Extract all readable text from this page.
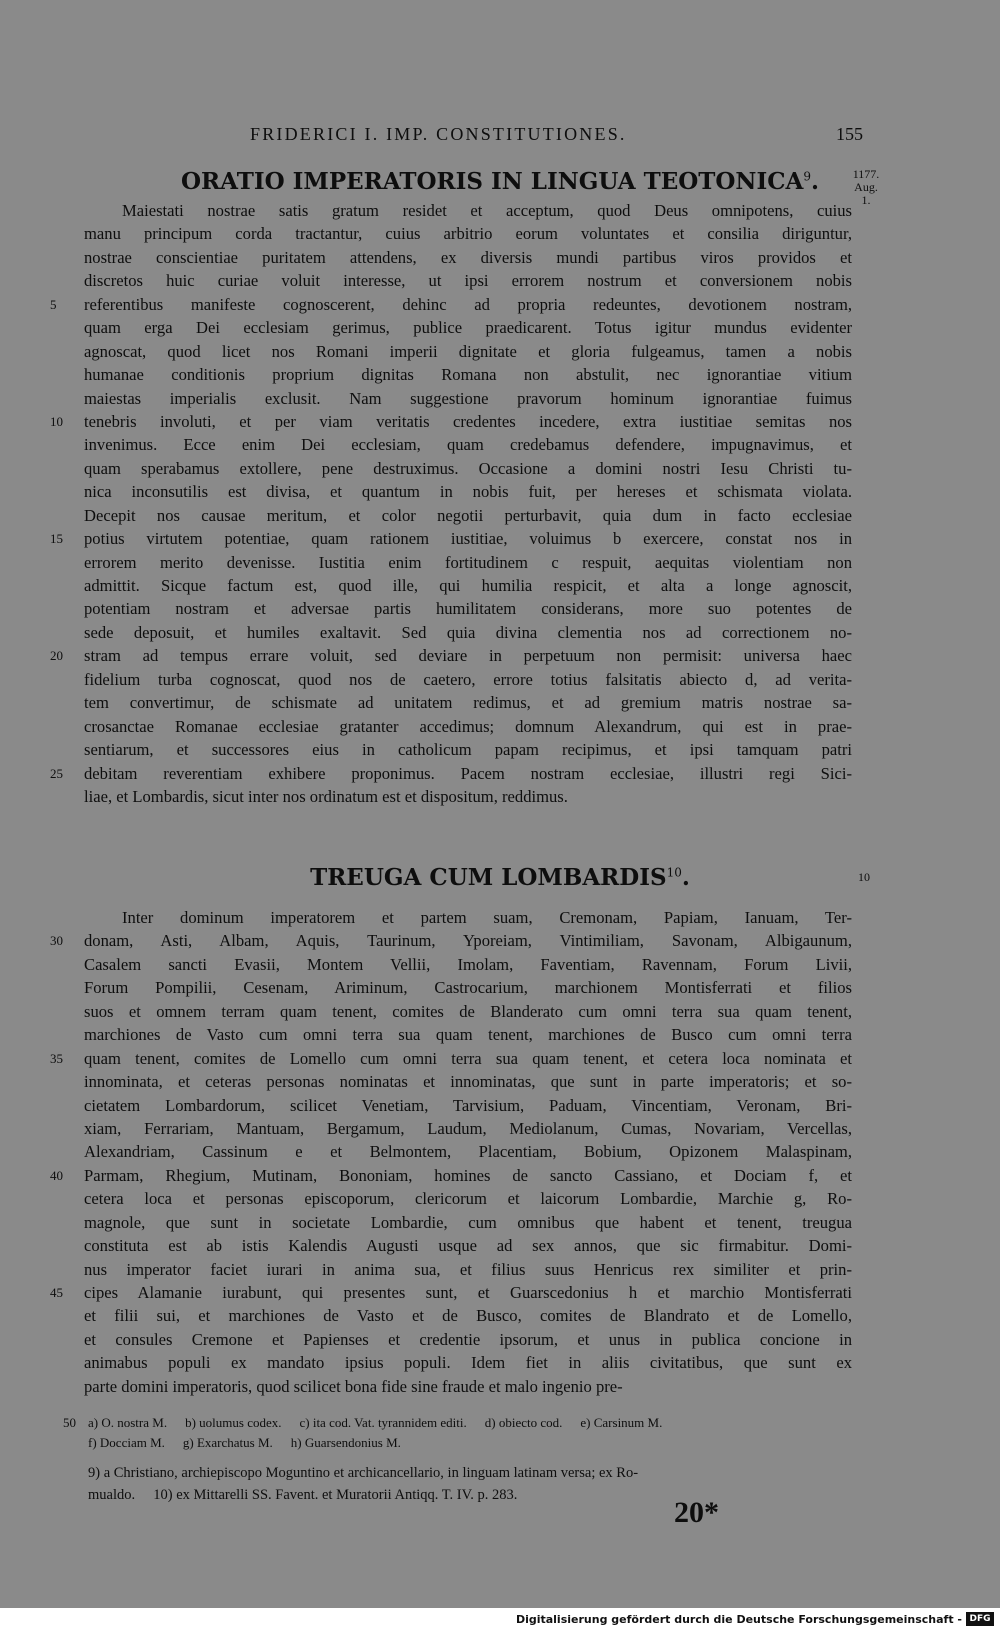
FRIDERICI I. IMP. CONSTITUTIONES.	155
ORATIO IMPERATORIS IN LINGUA TEOTONICA$^9$.	1177.
Aug.
1.
Maiestati nostrae satis gratum residet et acceptum, quod Deus omnipotens, cuius
manu principum corda tractantur, cuius arbitrio eorum voluntates et consilia diriguntur,
nostrae conscientiae puritatem attendens, ex diversis mundi partibus viros providos et
discretos huic curiae voluit interesse, ut ipsi errorem nostrum et conversionem nobis
5	referentibus manifeste cognoscerent, dehinc ad propria redeuntes, devotionem nostram,
quam erga Dei ecclesiam gerimus, publice praedicarent. Totus igitur mundus evidenter
agnoscat, quod licet nos Romani imperii dignitate et gloria fulgeamus, tamen a nobis
humanae conditionis proprium dignitas Romana non abstulit, nec ignorantiae vitium
maiestas imperialis exclusit. Nam suggestione pravorum hominum ignorantiae fuimus
10	tenebris involuti, et per viam veritatis credentes incedere, extra iustitiae semitas nos
invenimus. Ecce enim Dei ecclesiam, quam credebamus defendere, impugnavimus, et
quam sperabamus extollere, pene destruximus. Occasione a domini nostri Iesu Christi tu-
nica inconsutilis est divisa, et quantum in nobis fuit, per hereses et schismata violata.
Decepit nos causae meritum, et color negotii perturbavit, quia dum in facto ecclesiae
15	potius virtutem potentiae, quam rationem iustitiae, voluimus b exercere, constat nos in
errorem merito devenisse. Iustitia enim fortitudinem c respuit, aequitas violentiam non
admittit. Sicque factum est, quod ille, qui humilia respicit, et alta a longe agnoscit,
potentiam nostram et adversae partis humilitatem considerans, more suo potentes de
sede deposuit, et humiles exaltavit. Sed quia divina clementia nos ad correctionem no-
20	stram ad tempus errare voluit, sed deviare in perpetuum non permisit: universa haec
fidelium turba cognoscat, quod nos de caetero, errore totius falsitatis abiecto d, ad verita-
tem convertimur, de schismate ad unitatem redimus, et ad gremium matris nostrae sa-
crosanctae Romanae ecclesiae gratanter accedimus; domnum Alexandrum, qui est in prae-
sentiarum, et successores eius in catholicum papam recipimus, et ipsi tamquam patri
25	debitam reverentiam exhibere proponimus. Pacem nostram ecclesiae, illustri regi Sici-
liae, et Lombardis, sicut inter nos ordinatum est et dispositum, reddimus.
TREUGA CUM LOMBARDIS$^{10}$.	10
Inter dominum imperatorem et partem suam, Cremonam, Papiam, Ianuam, Ter-
30	donam, Asti, Albam, Aquis, Taurinum, Yporeiam, Vintimiliam, Savonam, Albigaunum,
Casalem sancti Evasii, Montem Vellii, Imolam, Faventiam, Ravennam, Forum Livii,
Forum Pompilii, Cesenam, Ariminum, Castrocarium, marchionem Montisferrati et filios
suos et omnem terram quam tenent, comites de Blanderato cum omni terra sua quam tenent,
marchiones de Vasto cum omni terra sua quam tenent, marchiones de Busco cum omni terra
35	quam tenent, comites de Lomello cum omni terra sua quam tenent, et cetera loca nominata et
innominata, et ceteras personas nominatas et innominatas, que sunt in parte imperatoris; et so-
cietatem Lombardorum, scilicet Venetiam, Tarvisium, Paduam, Vincentiam, Veronam, Bri-
xiam, Ferrariam, Mantuam, Bergamum, Laudum, Mediolanum, Cumas, Novariam, Vercellas,
Alexandriam, Cassinum e et Belmontem, Placentiam, Bobium, Opizonem Malaspinam,
40	Parmam, Rhegium, Mutinam, Bononiam, homines de sancto Cassiano, et Dociam f, et
cetera loca et personas episcoporum, clericorum et laicorum Lombardie, Marchie g, Ro-
magnole, que sunt in societate Lombardie, cum omnibus que habent et tenent, treugua
constituta est ab istis Kalendis Augusti usque ad sex annos, que sic firmabitur. Domi-
nus imperator faciet iurari in anima sua, et filius suus Henricus rex similiter et prin-
45	cipes Alamanie iurabunt, qui presentes sunt, et Guarscedonius h et marchio Montisferrati
et filii sui, et marchiones de Vasto et de Busco, comites de Blandrato et de Lomello,
et consules Cremone et Papienses et credentie ipsorum, et unus in publica concione in
animabus populi ex mandato ipsius populi. Idem fiet in aliis civitatibus, que sunt ex
parte domini imperatoris, quod scilicet bona fide sine fraude et malo ingenio pre-
50 a) O. nostra M. b) uolumus codex. c) ita cod. Vat. tyrannidem editi. d) obiecto cod. e) Carsinum M.
f) Docciam M. g) Exarchatus M. h) Guarsendonius M.
9) a Christiano, archiepiscopo Moguntino et archicancellario, in linguam latinam versa; ex Ro-
mualdo.     10) ex Mittarelli SS. Favent. et Muratorii Antiqq. T. IV. p. 283.
20*
Digitalisierung gefördert durch die Deutsche Forschungsgemeinschaft - DFG
